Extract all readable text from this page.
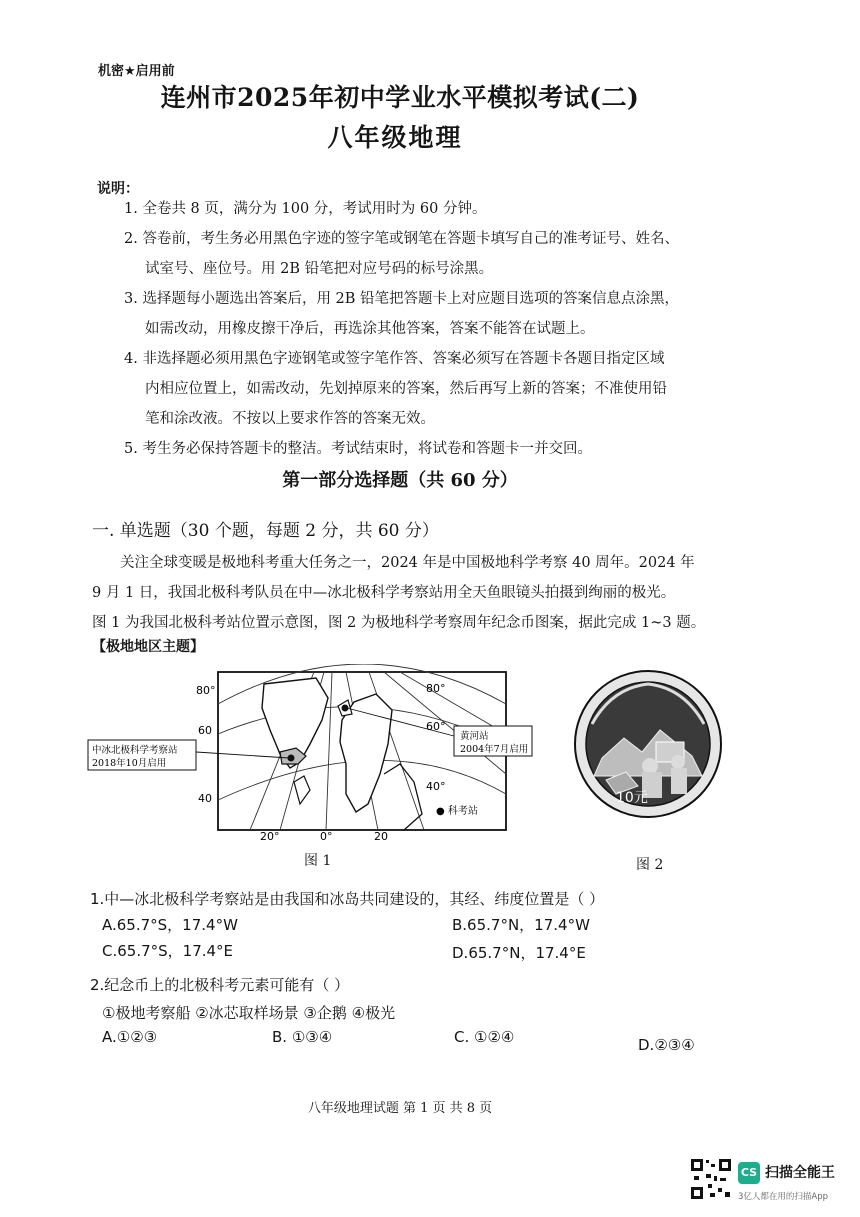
机密★启用前
连州市2025年初中学业水平模拟考试(二)
八年级地理
说明：
1. 全卷共 8 页，满分为 100 分，考试用时为 60 分钟。
2. 答卷前，考生务必用黑色字迹的签字笔或钢笔在答题卡填写自己的准考证号、姓名、
试室号、座位号。用 2B 铅笔把对应号码的标号涂黑。
3. 选择题每小题选出答案后，用 2B 铅笔把答题卡上对应题目选项的答案信息点涂黑，
如需改动，用橡皮擦干净后，再选涂其他答案，答案不能答在试题上。
4. 非选择题必须用黑色字迹钢笔或签字笔作答、答案必须写在答题卡各题目指定区域
内相应位置上，如需改动，先划掉原来的答案，然后再写上新的答案；不准使用铅
笔和涂改液。不按以上要求作答的答案无效。
5. 考生务必保持答题卡的整洁。考试结束时，将试卷和答题卡一并交回。
第一部分选择题（共 60 分）
一. 单选题（30 个题，每题 2 分，共 60 分）
关注全球变暖是极地科考重大任务之一，2024 年是中国极地科学考察 40 周年。2024 年
9 月 1 日，我国北极科考队员在中—冰北极科学考察站用全天鱼眼镜头拍摄到绚丽的极光。
图 1 为我国北极科考站位置示意图，图 2 为极地科学考察周年纪念币图案，据此完成 1~3 题。
【极地地区主题】
80°
60
40
80°
60°
40°
20°	0°	20
中冰北极科学考察站
2018年10月启用
黄河站
2004年7月启用
● 科考站
图 1
10元
图 2
1.中—冰北极科学考察站是由我国和冰岛共同建设的，其经、纬度位置是（ ）
A.65.7°S，17.4°W	B.65.7°N，17.4°W
C.65.7°S，17.4°E	D.65.7°N，17.4°E
2.纪念币上的北极科考元素可能有（ ）
①极地考察船 ②冰芯取样场景 ③企鹅 ④极光
A.①②③	B. ①③④	C. ①②④	D.②③④
八年级地理试题 第 1 页 共 8 页
CS 扫描全能王
3亿人都在用的扫描App
